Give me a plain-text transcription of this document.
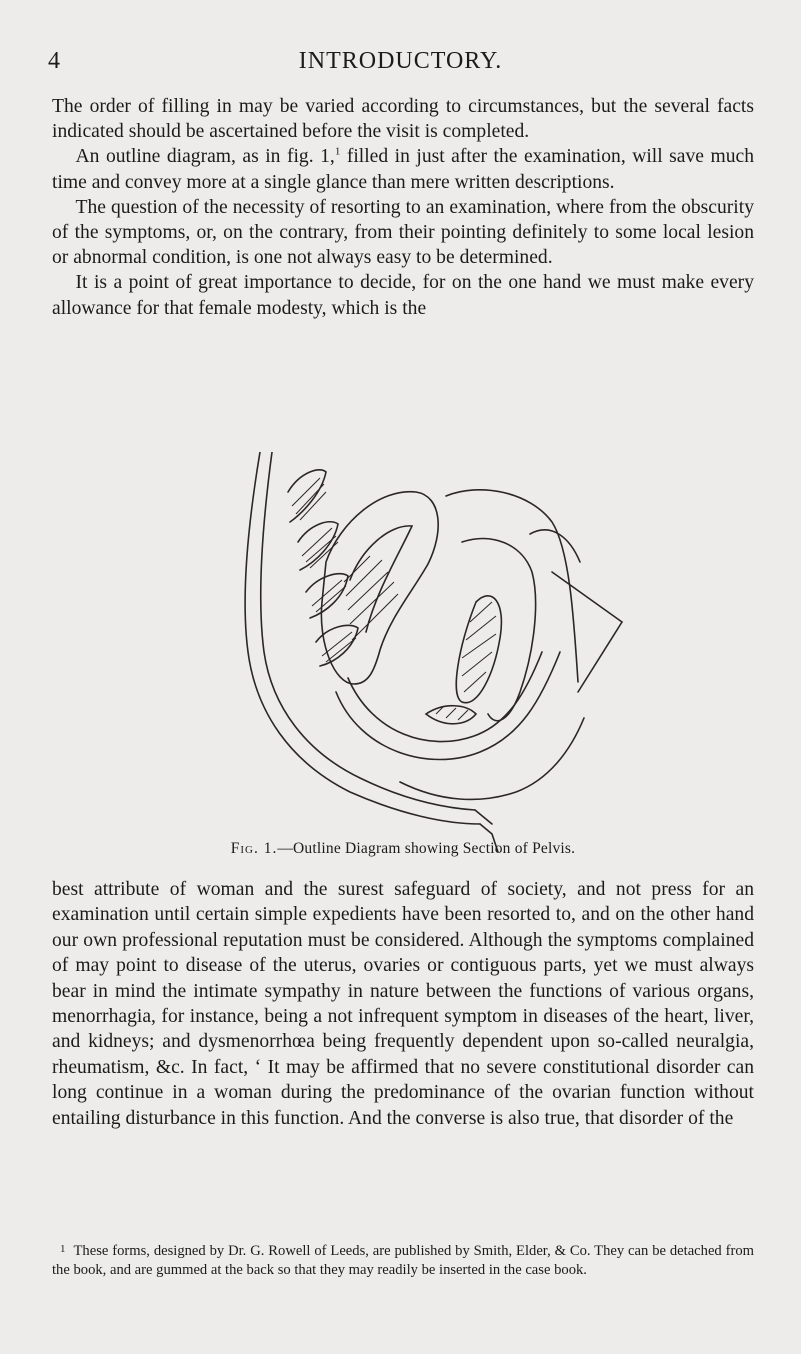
4	INTRODUCTORY.

The order of filling in may be varied according to circumstances, but the several facts indicated should be ascertained before the visit is completed.

An outline diagram, as in fig. 1,$^1$ filled in just after the examination, will save much time and convey more at a single glance than mere written descriptions.

The question of the necessity of resorting to an examination, where from the obscurity of the symptoms, or, on the contrary, from their pointing definitely to some local lesion or abnormal condition, is one not always easy to be determined.

It is a point of great importance to decide, for on the one hand we must make every allowance for that female modesty, which is the

Fig. 1.—Outline Diagram showing Section of Pelvis.

best attribute of woman and the surest safeguard of society, and not press for an examination until certain simple expedients have been resorted to, and on the other hand our own professional reputation must be considered. Although the symptoms complained of may point to disease of the uterus, ovaries or contiguous parts, yet we must always bear in mind the intimate sympathy in nature between the functions of various organs, menorrhagia, for instance, being a not infrequent symptom in diseases of the heart, liver, and kidneys; and dysmenorrhœa being frequently dependent upon so-called neuralgia, rheumatism, &c. In fact, ‘ It may be affirmed that no severe constitutional disorder can long continue in a woman during the predominance of the ovarian function without entailing disturbance in this function. And the converse is also true, that disorder of the

$^1$ These forms, designed by Dr. G. Rowell of Leeds, are published by Smith, Elder, & Co. They can be detached from the book, and are gummed at the back so that they may readily be inserted in the case book.
